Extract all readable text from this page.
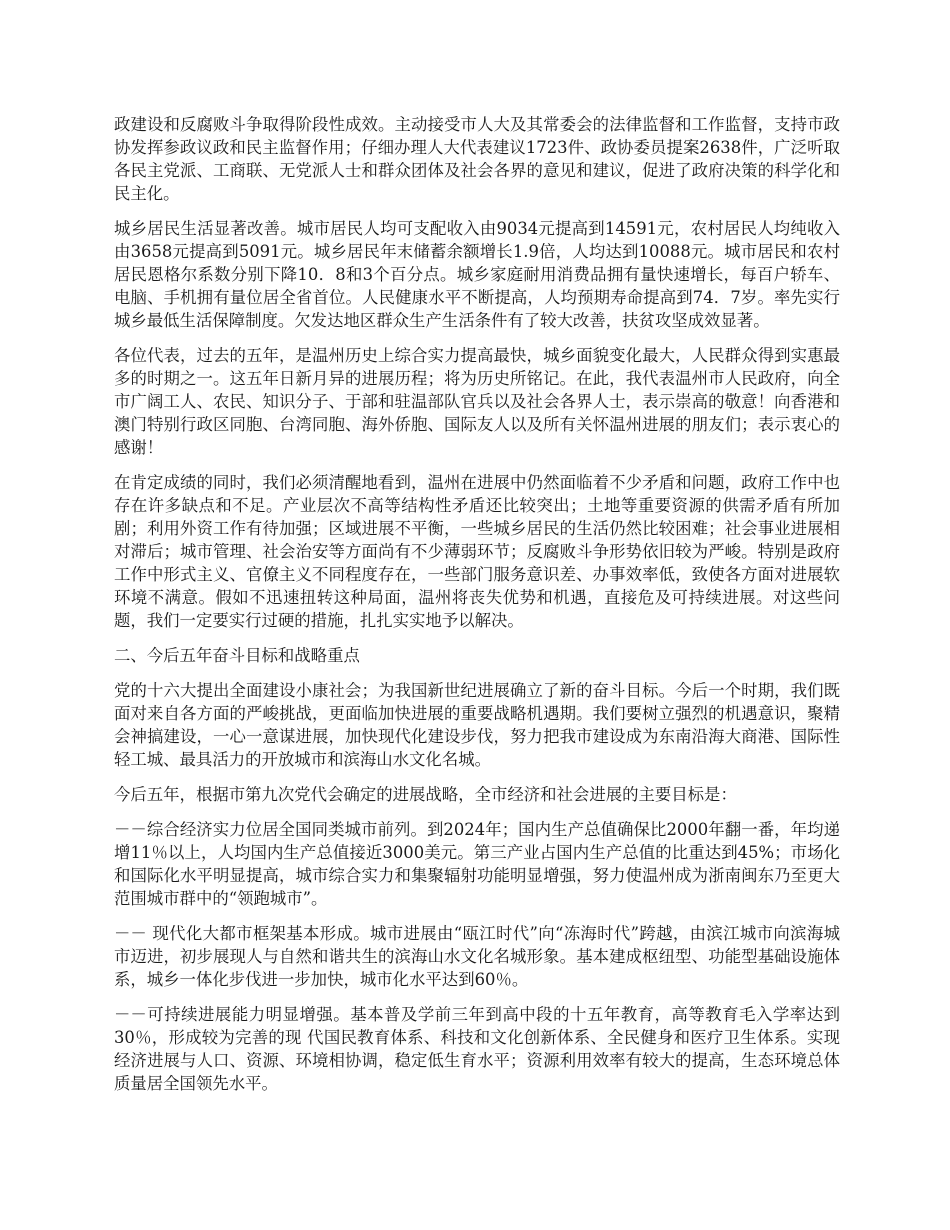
政建设和反腐败斗争取得阶段性成效。主动接受市人大及其常委会的法律监督和工作监督，支持市政协发挥参政议政和民主监督作用；仔细办理人大代表建议1723件、政协委员提案2638件，广泛听取各民主党派、工商联、无党派人士和群众团体及社会各界的意见和建议，促进了政府决策的科学化和民主化。

城乡居民生活显著改善。城市居民人均可支配收入由9034元提高到14591元，农村居民人均纯收入由3658元提高到5091元。城乡居民年末储蓄余额增长1.9倍，人均达到10088元。城市居民和农村居民恩格尔系数分别下降10．8和3个百分点。城乡家庭耐用消费品拥有量快速增长，每百户轿车、电脑、手机拥有量位居全省首位。人民健康水平不断提高，人均预期寿命提高到74．7岁。率先实行城乡最低生活保障制度。欠发达地区群众生产生活条件有了较大改善，扶贫攻坚成效显著。

各位代表，过去的五年，是温州历史上综合实力提高最快，城乡面貌变化最大，人民群众得到实惠最多的时期之一。这五年日新月异的进展历程；将为历史所铭记。在此，我代表温州市人民政府，向全市广阔工人、农民、知识分子、于部和驻温部队官兵以及社会各界人士，表示崇高的敬意！向香港和澳门特别行政区同胞、台湾同胞、海外侨胞、国际友人以及所有关怀温州进展的朋友们；表示衷心的感谢！

在肯定成绩的同时，我们必须清醒地看到，温州在进展中仍然面临着不少矛盾和问题，政府工作中也存在许多缺点和不足。产业层次不高等结构性矛盾还比较突出；土地等重要资源的供需矛盾有所加剧；利用外资工作有待加强；区域进展不平衡，一些城乡居民的生活仍然比较困难；社会事业进展相对滞后；城市管理、社会治安等方面尚有不少薄弱环节；反腐败斗争形势依旧较为严峻。特别是政府工作中形式主义、官僚主义不同程度存在，一些部门服务意识差、办事效率低，致使各方面对进展软环境不满意。假如不迅速扭转这种局面，温州将丧失优势和机遇，直接危及可持续进展。对这些问题，我们一定要实行过硬的措施，扎扎实实地予以解决。

二、今后五年奋斗目标和战略重点

党的十六大提出全面建设小康社会；为我国新世纪进展确立了新的奋斗目标。今后一个时期，我们既面对来自各方面的严峻挑战，更面临加快进展的重要战略机遇期。我们要树立强烈的机遇意识，聚精会神搞建设，一心一意谋进展，加快现代化建设步伐，努力把我市建设成为东南沿海大商港、国际性轻工城、最具活力的开放城市和滨海山水文化名城。

今后五年，根据市第九次党代会确定的进展战略，全市经济和社会进展的主要目标是：

－－综合经济实力位居全国同类城市前列。到2024年；国内生产总值确保比2000年翻一番，年均递增11％以上，人均国内生产总值接近3000美元。第三产业占国内生产总值的比重达到45%；市场化和国际化水平明显提高，城市综合实力和集聚辐射功能明显增强，努力使温州成为浙南闽东乃至更大范围城市群中的“领跑城市”。

－－ 现代化大都市框架基本形成。城市进展由“瓯江时代”向“冻海时代”跨越，由滨江城市向滨海城市迈进，初步展现人与自然和谐共生的滨海山水文化名城形象。基本建成枢纽型、功能型基础设施体系，城乡一体化步伐进一步加快，城市化水平达到60％。

－－可持续进展能力明显增强。基本普及学前三年到高中段的十五年教育，高等教育毛入学率达到30％，形成较为完善的现 代国民教育体系、科技和文化创新体系、全民健身和医疗卫生体系。实现经济进展与人口、资源、环境相协调，稳定低生育水平；资源利用效率有较大的提高，生态环境总体质量居全国领先水平。
